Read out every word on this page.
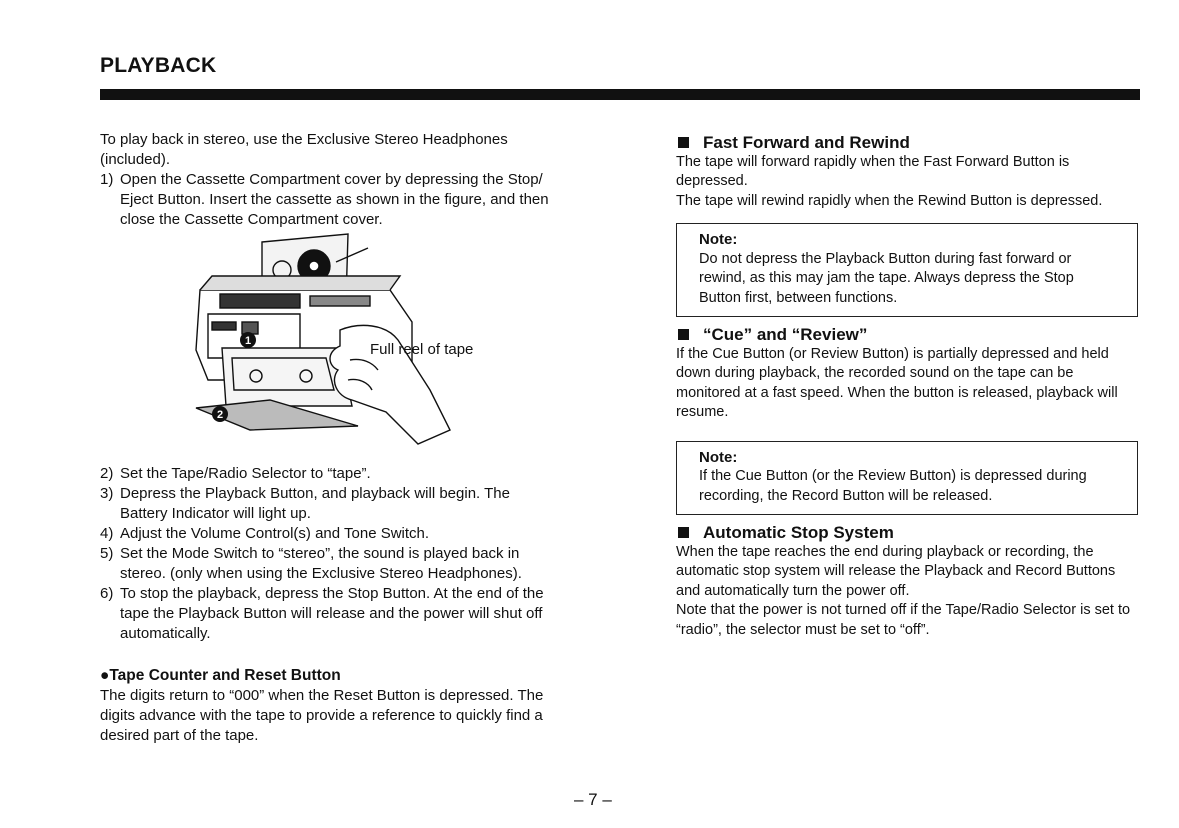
PLAYBACK

To play back in stereo, use the Exclusive Stereo Headphones (included).

1) Open the Cassette Compartment cover by depressing the Stop/ Eject Button. Insert the cassette as shown in the figure, and then close the Cassette Compartment cover.
1
2
Full reel of tape
2) Set the Tape/Radio Selector to “tape”.
3) Depress the Playback Button, and playback will begin. The Battery Indicator will light up.
4) Adjust the Volume Control(s) and Tone Switch.
5) Set the Mode Switch to “stereo”, the sound is played back in stereo. (only when using the Exclusive Stereo Headphones).
6) To stop the playback, depress the Stop Button. At the end of the tape the Playback Button will release and the power will shut off automatically.
●Tape Counter and Reset Button

The digits return to “000” when the Reset Button is depressed. The digits advance with the tape to provide a reference to quickly find a desired part of the tape.

Fast Forward and Rewind

The tape will forward rapidly when the Fast Forward Button is depressed.

The tape will rewind rapidly when the Rewind Button is depressed.

Note:

Do not depress the Playback Button during fast forward or rewind, as this may jam the tape. Always depress the Stop Button first, between functions.

“Cue” and “Review”

If the Cue Button (or Review Button) is partially depressed and held down during playback, the recorded sound on the tape can be monitored at a fast speed. When the button is released, playback will resume.

Note:

If the Cue Button (or the Review Button) is depressed during recording, the Record Button will be released.

Automatic Stop System

When the tape reaches the end during playback or recording, the automatic stop system will release the Playback and Record Buttons and automatically turn the power off.

Note that the power is not turned off if the Tape/Radio Selector is set to “radio”, the selector must be set to “off”.

– 7 –
